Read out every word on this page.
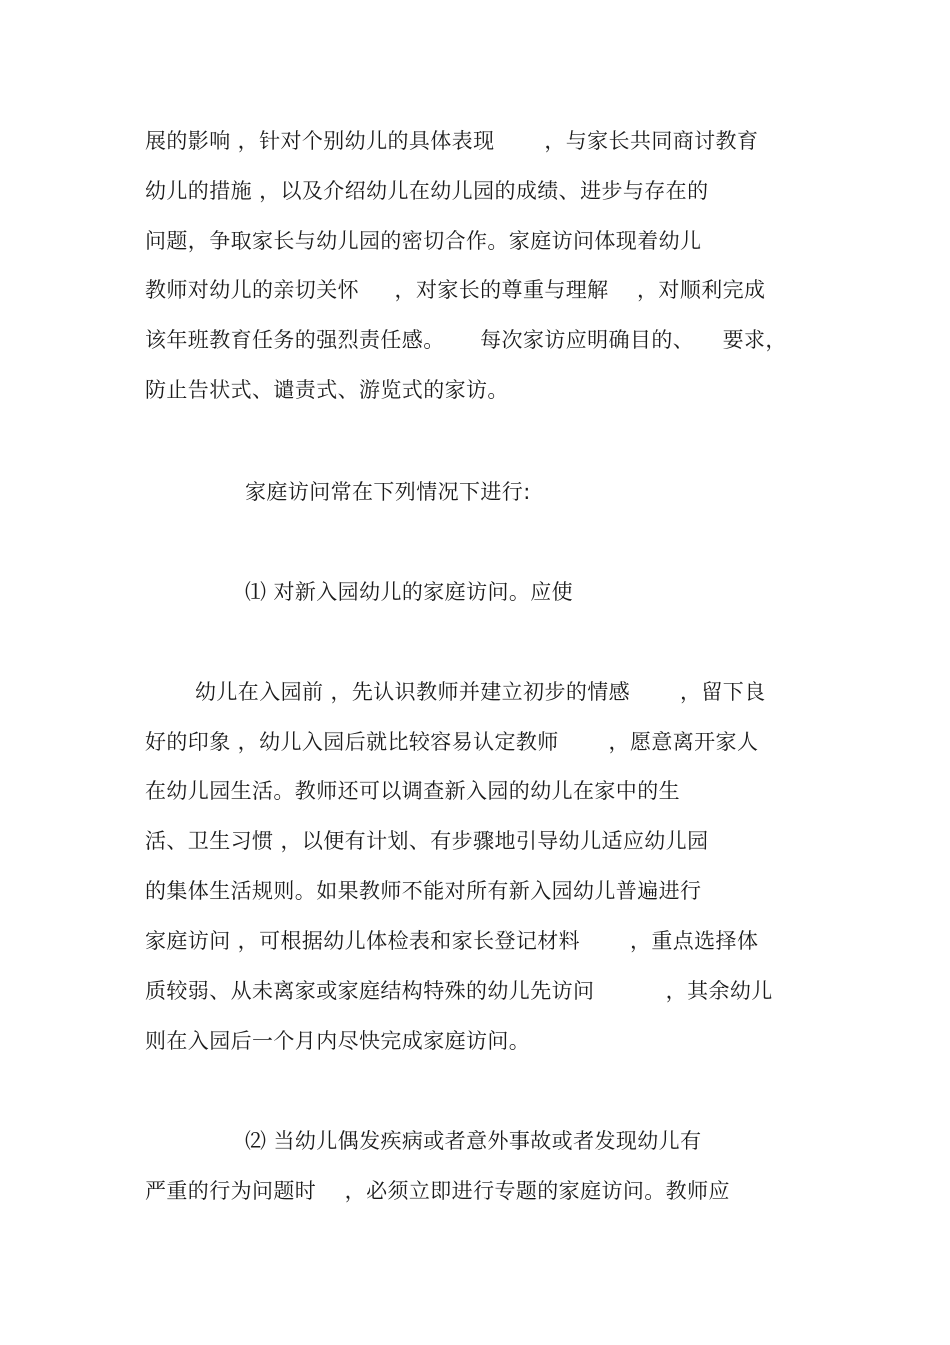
展的影响 ，针对个别幼儿的具体表现 　　，与家长共同商讨教育
幼儿的措施 ，以及介绍幼儿在幼儿园的成绩、进步与存在的
问题，争取家长与幼儿园的密切合作。家庭访问体现着幼儿
教师对幼儿的亲切关怀 　 ，对家长的尊重与理解 　，对顺利完成
该年班教育任务的强烈责任感。 　 每次家访应明确目的、 　要求，
防止告状式、谴责式、游览式的家访。
家庭访问常在下列情况下进行:
⑴ 对新入园幼儿的家庭访问。应使
幼儿在入园前 ，先认识教师并建立初步的情感 　　，留下良
好的印象 ，幼儿入园后就比较容易认定教师 　　，愿意离开家人
在幼儿园生活。教师还可以调查新入园的幼儿在家中的生
活、卫生习惯 ，以便有计划、有步骤地引导幼儿适应幼儿园
的集体生活规则。如果教师不能对所有新入园幼儿普遍进行
家庭访问 ，可根据幼儿体检表和家长登记材料 　　，重点选择体
质较弱、从未离家或家庭结构特殊的幼儿先访问 　　　，其余幼儿
则在入园后一个月内尽快完成家庭访问。
⑵ 当幼儿偶发疾病或者意外事故或者发现幼儿有
严重的行为问题时 　，必须立即进行专题的家庭访问。教师应
